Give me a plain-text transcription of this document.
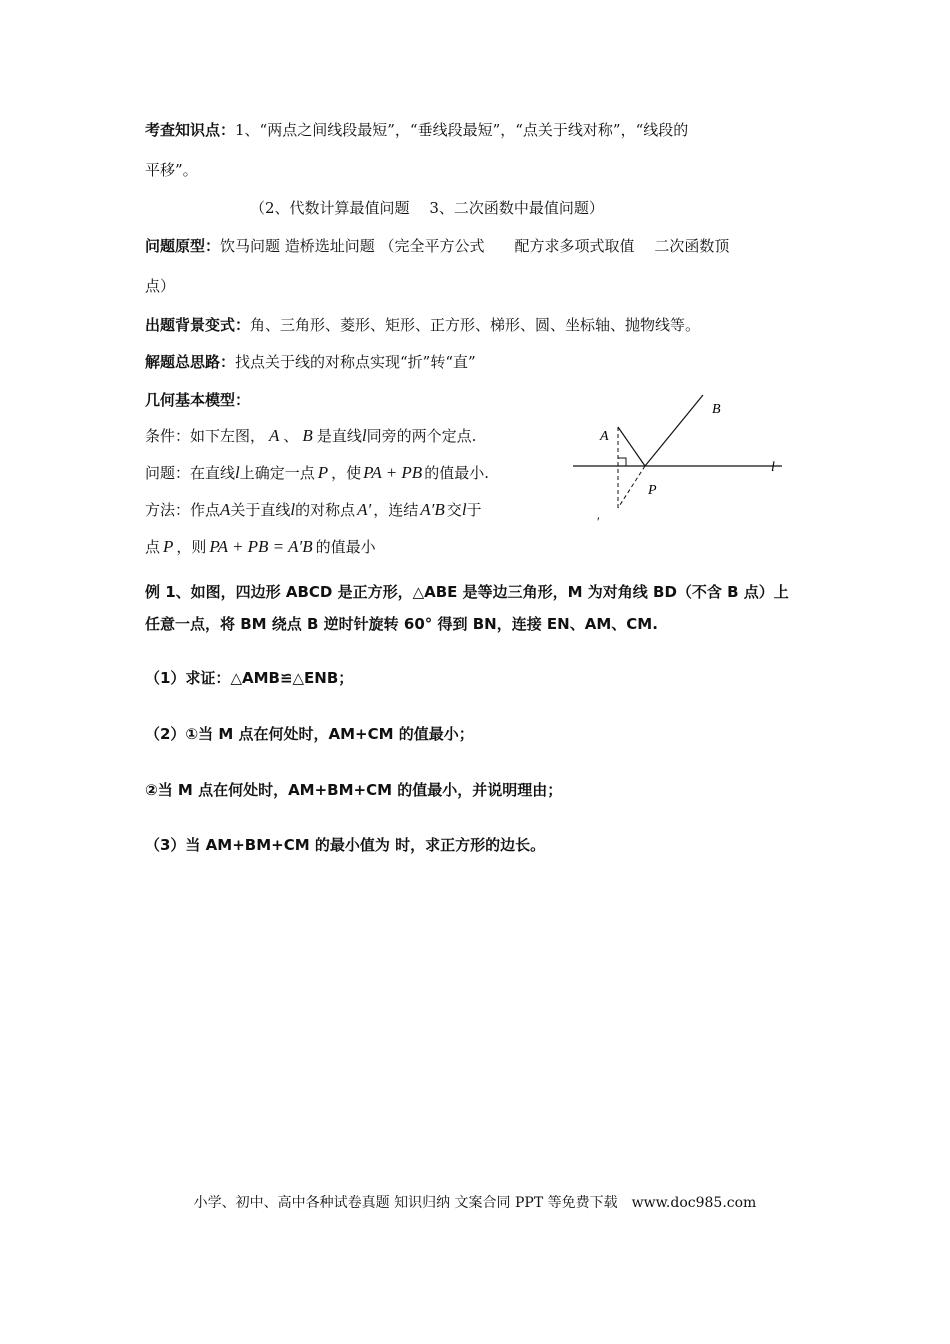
考查知识点：1、“两点之间线段最短”，“垂线段最短”，“点关于线对称”，“线段的
平移”。
（2、代数计算最值问题　 3、二次函数中最值问题）
问题原型：饮马问题 造桥选址问题 （完全平方公式　　配方求多项式取值　 二次函数顶
点）
出题背景变式：角、三角形、菱形、矩形、正方形、梯形、圆、坐标轴、抛物线等。
解题总思路：找点关于线的对称点实现“折”转“直”
几何基本模型：
条件：如下左图， A 、 B 是直线l同旁的两个定点.
问题：在直线l上确定一点 P ，使 PA + PB 的值最小.
方法：作点A关于直线l的对称点 A′ ，连结 A′B 交l于
点 P ，则 PA + PB = A′B 的值最小
A
B
l
P
′
例 1、如图，四边形 ABCD 是正方形，△ABE 是等边三角形，M 为对角线 BD（不含 B 点）上
任意一点，将 BM 绕点 B 逆时针旋转 60° 得到 BN，连接 EN、AM、CM.
（1）求证：△AMB≌△ENB；
（2）①当 M 点在何处时，AM+CM 的值最小；
②当 M 点在何处时，AM+BM+CM 的值最小，并说明理由；
（3）当 AM+BM+CM 的最小值为 时，求正方形的边长。
小学、初中、高中各种试卷真题 知识归纳 文案合同 PPT 等免费下载　www.doc985.com
